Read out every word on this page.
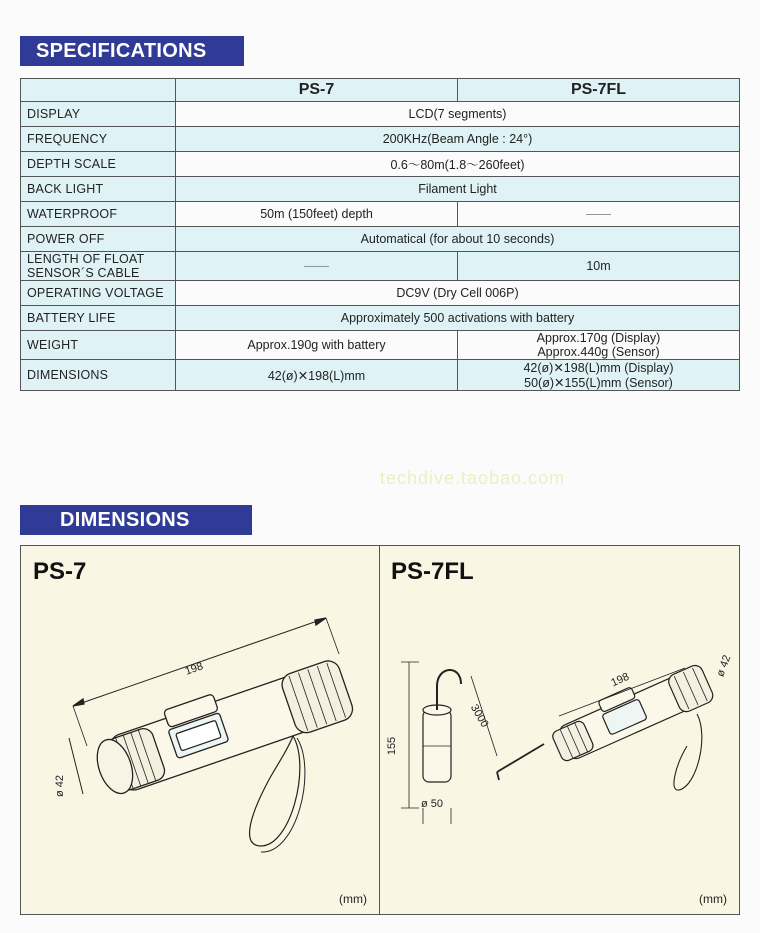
SPECIFICATIONS
	PS-7	PS-7FL
DISPLAY	LCD(7 segments)	
FREQUENCY	200KHz(Beam Angle : 24°)	
DEPTH SCALE	0.6～80m(1.8～260feet)	
BACK LIGHT	Filament Light	
WATERPROOF	50m (150feet) depth	——
POWER OFF	Automatical (for about 10 seconds)	

LENGTH OF FLOAT
SENSOR´S CABLE	——	10m
OPERATING VOLTAGE	DC9V (Dry Cell 006P)	
BATTERY LIFE	Approximately 500 activations with battery	
WEIGHT	Approx.190g with battery	Approx.170g (Display)
Approx.440g (Sensor)

DIMENSIONS	42(ø)✕198(L)mm	42(ø)✕198(L)mm (Display)
50(ø)✕155(L)mm (Sensor)
techdive.taobao.com
DIMENSIONS
PS-7
198
ø 42
(mm)
PS-7FL
155
ø 50
3000
198
ø 42
(mm)
